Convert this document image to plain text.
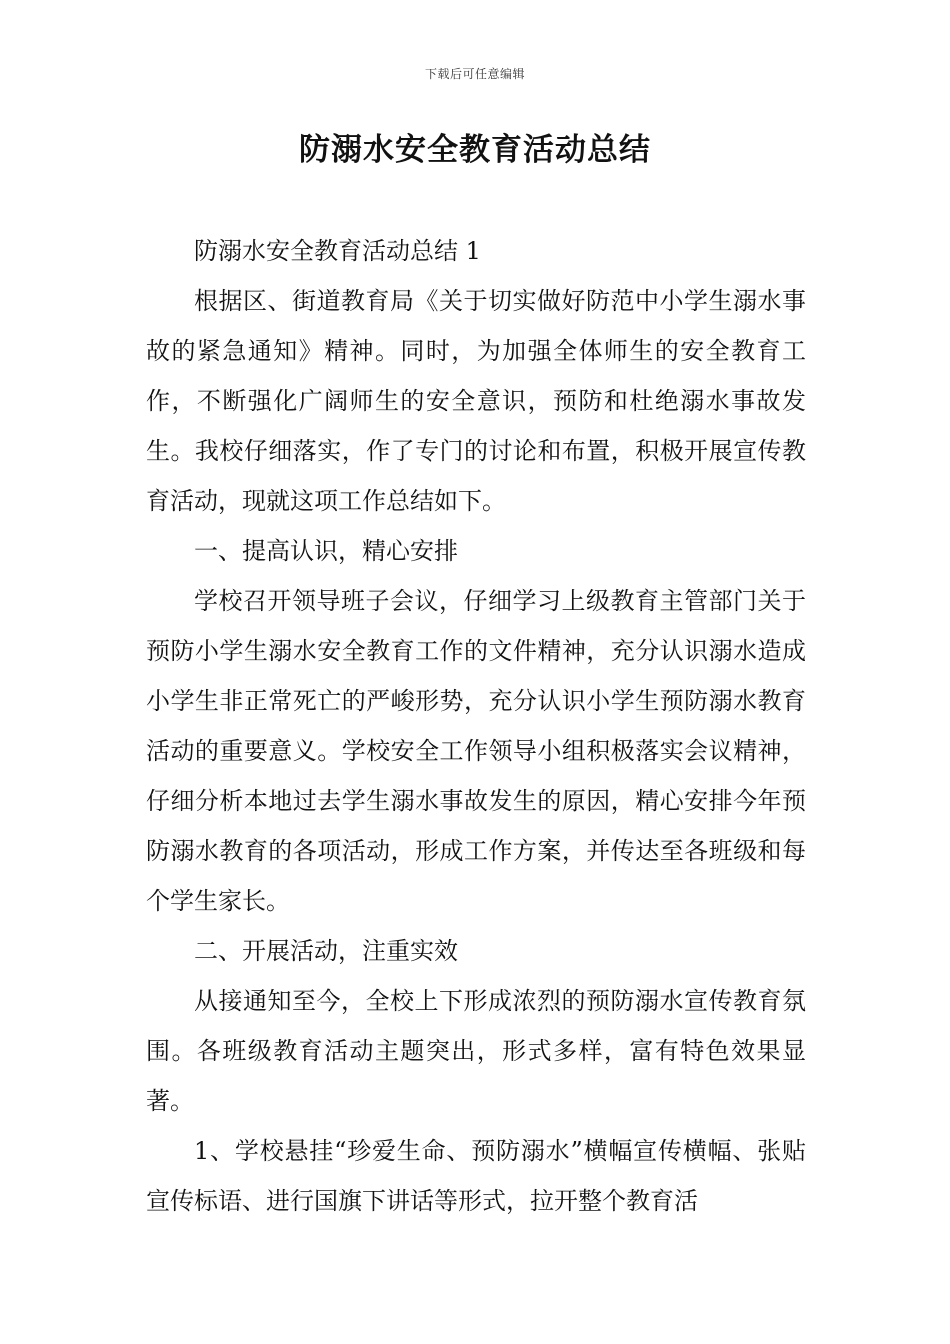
下载后可任意编辑
防溺水安全教育活动总结

防溺水安全教育活动总结 1

根据区、街道教育局《关于切实做好防范中小学生溺水事故的紧急通知》精神。同时，为加强全体师生的安全教育工作，不断强化广阔师生的安全意识，预防和杜绝溺水事故发生。我校仔细落实，作了专门的讨论和布置，积极开展宣传教育活动，现就这项工作总结如下。

一、提高认识，精心安排

学校召开领导班子会议，仔细学习上级教育主管部门关于预防小学生溺水安全教育工作的文件精神，充分认识溺水造成小学生非正常死亡的严峻形势，充分认识小学生预防溺水教育活动的重要意义。学校安全工作领导小组积极落实会议精神，仔细分析本地过去学生溺水事故发生的原因，精心安排今年预防溺水教育的各项活动，形成工作方案，并传达至各班级和每个学生家长。

二、开展活动，注重实效

从接通知至今，全校上下形成浓烈的预防溺水宣传教育氛围。各班级教育活动主题突出，形式多样，富有特色效果显著。

1、学校悬挂“珍爱生命、预防溺水”横幅宣传横幅、张贴宣传标语、进行国旗下讲话等形式，拉开整个教育活
